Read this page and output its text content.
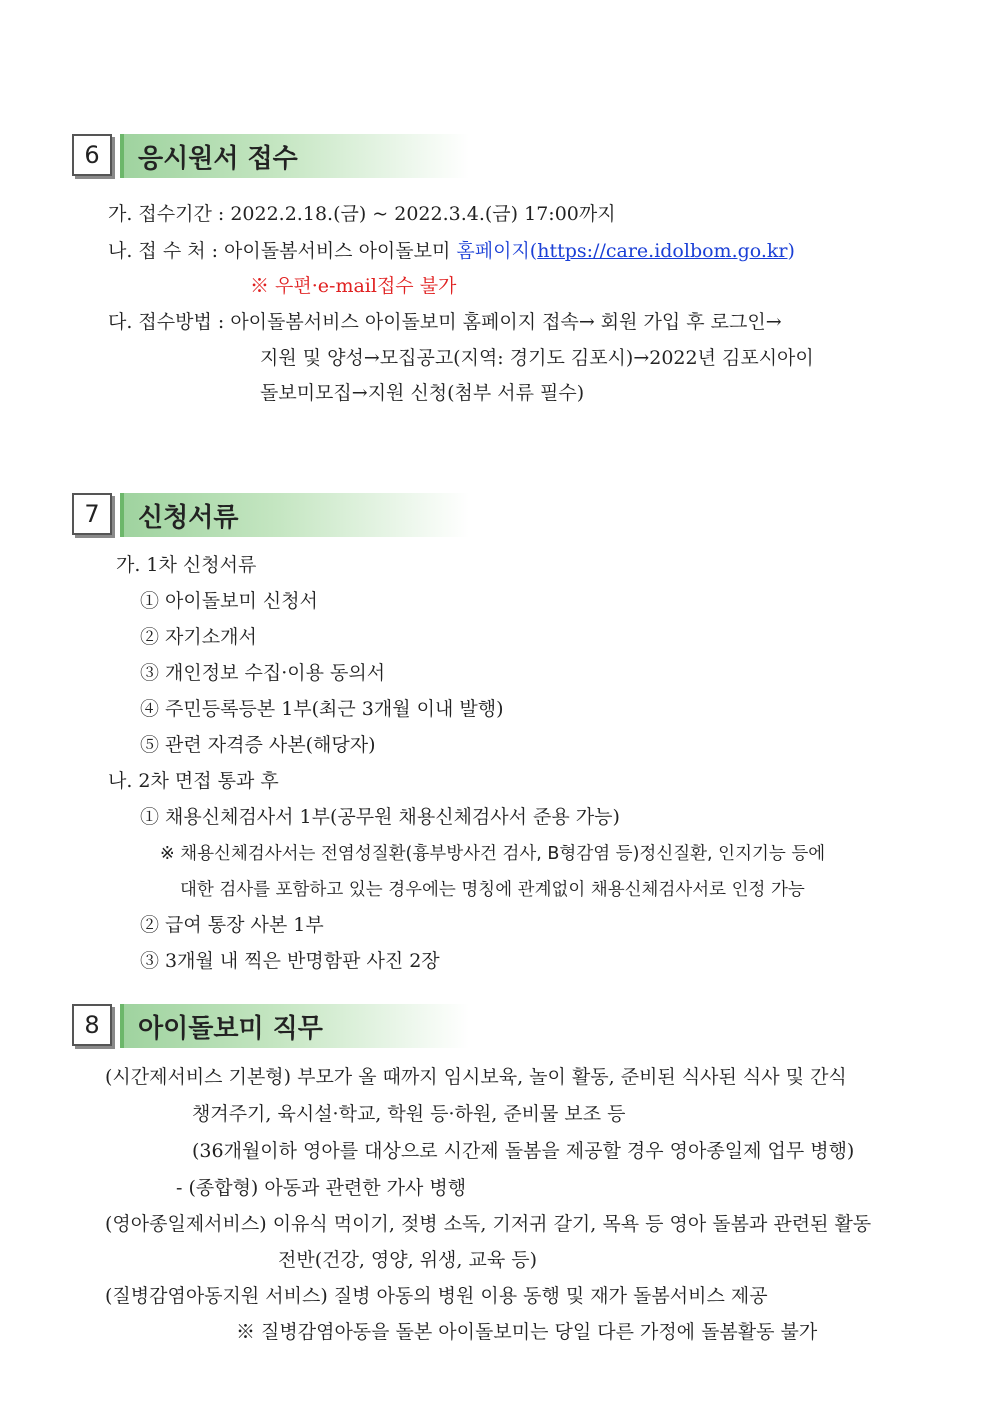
6	응시원서 접수
가. 접수기간 : 2022.2.18.(금) ~ 2022.3.4.(금) 17:00까지
나. 접 수 처 : 아이돌봄서비스 아이돌보미 홈페이지(https://care.idolbom.go.kr)
※ 우편·e-mail접수 불가
다. 접수방법 : 아이돌봄서비스 아이돌보미 홈페이지 접속→ 회원 가입 후 로그인→
지원 및 양성→모집공고(지역: 경기도 김포시)→2022년 김포시아이
돌보미모집→지원 신청(첨부 서류 필수)
7	신청서류
가. 1차 신청서류
① 아이돌보미 신청서
② 자기소개서
③ 개인정보 수집·이용 동의서
④ 주민등록등본 1부(최근 3개월 이내 발행)
⑤ 관련 자격증 사본(해당자)
나. 2차 면접 통과 후
① 채용신체검사서 1부(공무원 채용신체검사서 준용 가능)
※ 채용신체검사서는 전염성질환(흉부방사건 검사, B형감염 등)정신질환, 인지기능 등에
대한 검사를 포함하고 있는 경우에는 명칭에 관계없이 채용신체검사서로 인정 가능
② 급여 통장 사본 1부
③ 3개월 내 찍은 반명함판 사진 2장
8	아이돌보미 직무
(시간제서비스 기본형) 부모가 올 때까지 임시보육, 놀이 활동, 준비된 식사된 식사 및 간식
챙겨주기, 육시설·학교, 학원 등·하원, 준비물 보조 등
(36개월이하 영아를 대상으로 시간제 돌봄을 제공할 경우 영아종일제 업무 병행)
- (종합형) 아동과 관련한 가사 병행
(영아종일제서비스) 이유식 먹이기, 젖병 소독, 기저귀 갈기, 목욕 등 영아 돌봄과 관련된 활동
전반(건강, 영양, 위생, 교육 등)
(질병감염아동지원 서비스) 질병 아동의 병원 이용 동행 및 재가 돌봄서비스 제공
※ 질병감염아동을 돌본 아이돌보미는 당일 다른 가정에 돌봄활동 불가
